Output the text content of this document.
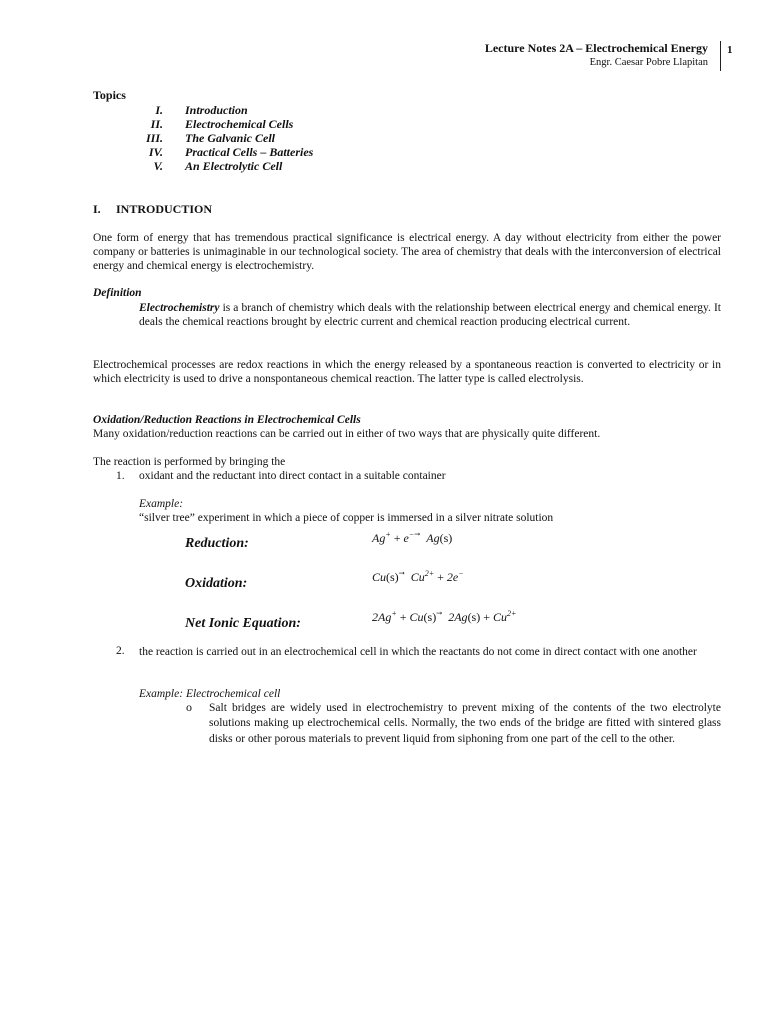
Lecture Notes 2A – Electrochemical Energy
Engr. Caesar Pobre Llapitan
1
Topics
I. Introduction
II. Electrochemical Cells
III. The Galvanic Cell
IV. Practical Cells – Batteries
V. An Electrolytic Cell
I. INTRODUCTION

One form of energy that has tremendous practical significance is electrical energy. A day without electricity from either the power company or batteries is unimaginable in our technological society. The area of chemistry that deals with the interconversion of electrical energy and chemical energy is electrochemistry.

Definition

Electrochemistry is a branch of chemistry which deals with the relationship between electrical energy and chemical energy. It deals the chemical reactions brought by electric current and chemical reaction producing electrical current.

Electrochemical processes are redox reactions in which the energy released by a spontaneous reaction is converted to electricity or in which electricity is used to drive a nonspontaneous chemical reaction. The latter type is called electrolysis.

Oxidation/Reduction Reactions in Electrochemical Cells
Many oxidation/reduction reactions can be carried out in either of two ways that are physically quite different.
The reaction is performed by bringing the
1. oxidant and the reductant into direct contact in a suitable container
Example:
“silver tree” experiment in which a piece of copper is immersed in a silver nitrate solution
Reduction:	Ag+ + e− Ag(s)
Oxidation:	Cu(s) $Cu^{2+} + 2e^-$
Net Ionic Equation:	2Ag+ + Cu(s) $2Ag(s) + Cu^{2+}$
2. the reaction is carried out in an electrochemical cell in which the reactants do not come in direct contact with one another

Example: Electrochemical cell
o Salt bridges are widely used in electrochemistry to prevent mixing of the contents of the two electrolyte solutions making up electrochemical cells. Normally, the two ends of the bridge are fitted with sintered glass disks or other porous materials to prevent liquid from siphoning from one part of the cell to the other.
